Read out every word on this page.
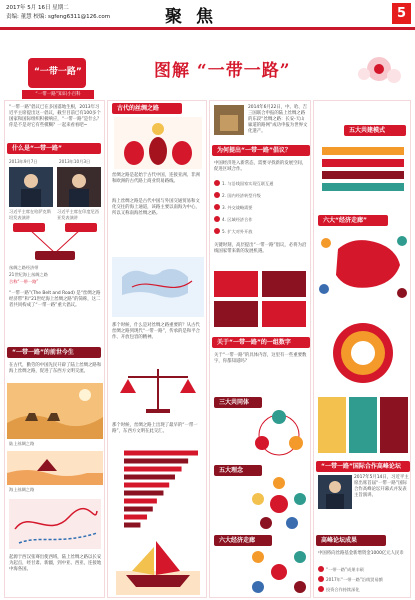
2017年 5月 16日 星期二
责编: 董慧 校编: sgfeng6311@126.com	聚焦	5
“一带一路”
“一带一路”知识小百科
图解 “一带一路”
“一带一路”倡议已在多国落地生根，2013年习近平主席提出这一倡议，截至目前已有100多个国家和国际组织积极响应，“一带一路”是什么？你是不是对它有些模糊？一起来看看吧~
什么是“一带一路”
2013年9月7日	2013年10月3日
习近平主席在哈萨克斯坦发表演讲
习近平主席在印度尼西亚发表演讲
丝绸之路经济带
21世纪海上丝绸之路
合称“一带一路”
“一带一路”(The Belt and Road) 是“丝绸之路经济带”和“21世纪海上丝绸之路”的简称，这二者共同构成了“一带一路”重大倡议。
“一带一路”的前世今生
在古代，勤劳的中国先民开辟了陆上丝绸之路和海上丝绸之路，促进了东西方文明交流。
陆上丝绸之路
海上丝绸之路
起源于西汉张骞出使西域，陆上丝绸之路以长安为起点，经甘肃、新疆，到中亚、西亚，连接地中海各国。
古代的丝绸之路
丝绸之路是起始于古代中国，连接亚洲、非洲和欧洲的古代路上商业贸易路线。
海上丝绸之路是古代中国与外国交通贸易和文化交往的海上通道，该路主要以南海为中心，所以又称南海丝绸之路。
那个时候，什么是对丝绸之路重要的？从古代丝绸之路到现代“一带一路”，传承的是和平合作、开放包容的精神。
那个时候，丝绸之路上出现了最早的“一带一路”，东西方文明在此交汇。
2014年6月22日，中、哈、吉三国联合申报的陆上丝绸之路的东段“丝绸之路：长安-天山廊道的路网”成功申报为世界文化遗产。
为何提出“一带一路”倡议？
中国经济进入新常态，需要寻找新的发展空间，促进区域合作。
1. 与沿线国家实现互联互通
2. 国内经济转型升级
3. 外交战略需要
4. 区域经济合作
5. 扩大对外开放
关键时刻，高层提出“一带一路”倡议，必将为沿线国家带来新的发展机遇。
关于“一带一路”的一组数字
关于“一带一路”的具体内容，这里有一些重要数字，你都知道吗？
三大共同体
五大理念
六大经济走廊
五大共建模式
六大“经济走廊”
“一带一路”国际合作高峰论坛
2017年5月14日，习近平主席出席首届“一带一路”国际合作高峰论坛开幕式并发表主旨演讲。
高峰论坛成果
中国将向丝路基金新增资金1000亿元人民币
“一带一路”成果丰硕
2017年“一带一路”沿线贸易额
投资合作持续深化
